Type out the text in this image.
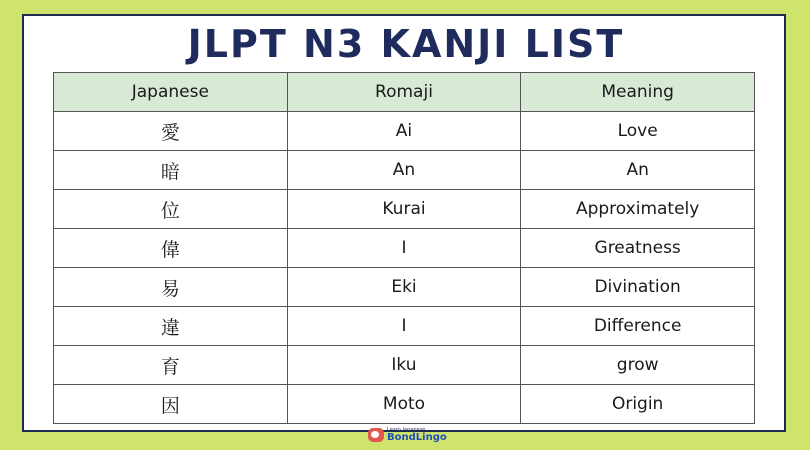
JLPT N3 KANJI LIST
Japanese	Romaji	Meaning
愛	Ai	Love
暗	An	An
位	Kurai	Approximately
偉	I	Greatness
易	Eki	Divination
違	I	Difference
育	Iku	grow
因	Moto	Origin
Learn Japanese
BondLingo
